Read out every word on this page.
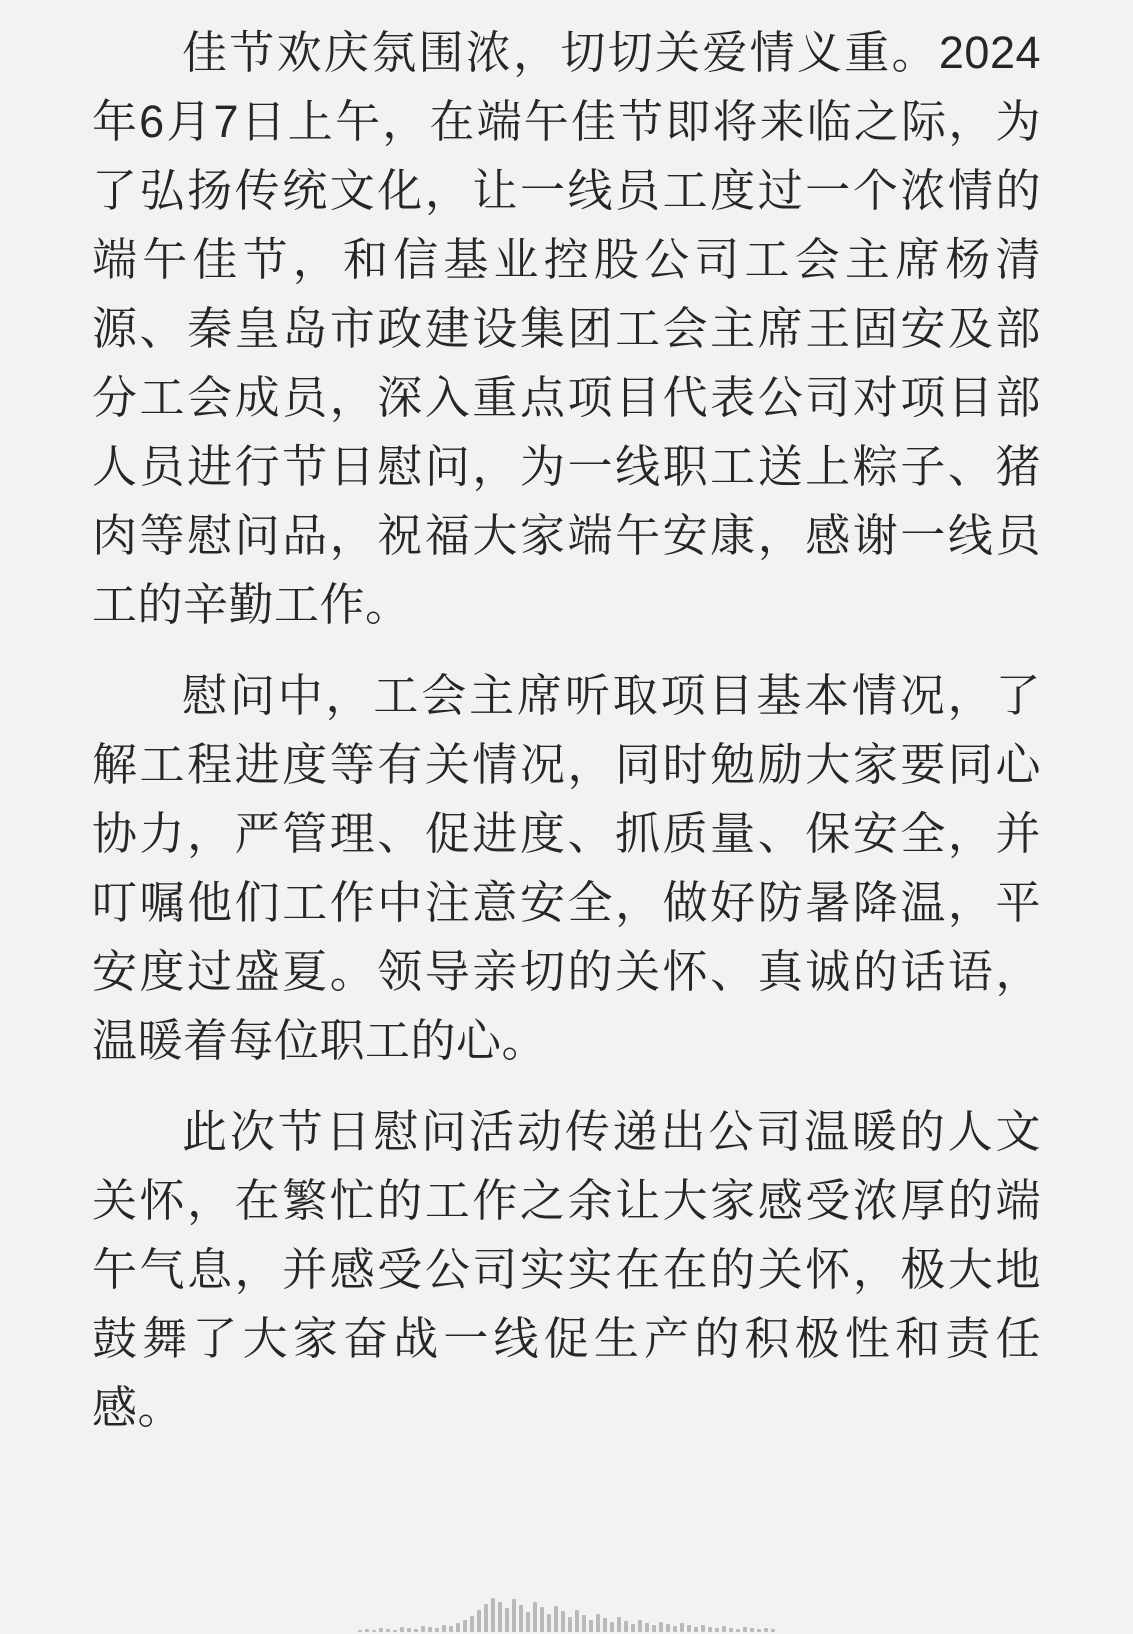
佳节欢庆氛围浓，切切关爱情义重。2024年6月7日上午，在端午佳节即将来临之际，为了弘扬传统文化，让一线员工度过一个浓情的端午佳节，和信基业控股公司工会主席杨清源、秦皇岛市政建设集团工会主席王固安及部分工会成员，深入重点项目代表公司对项目部人员进行节日慰问，为一线职工送上粽子、猪肉等慰问品，祝福大家端午安康，感谢一线员工的辛勤工作。

慰问中，工会主席听取项目基本情况，了解工程进度等有关情况，同时勉励大家要同心协力，严管理、促进度、抓质量、保安全，并叮嘱他们工作中注意安全，做好防暑降温，平安度过盛夏。领导亲切的关怀、真诚的话语，温暖着每位职工的心。

此次节日慰问活动传递出公司温暖的人文关怀，在繁忙的工作之余让大家感受浓厚的端午气息，并感受公司实实在在的关怀，极大地鼓舞了大家奋战一线促生产的积极性和责任感。
